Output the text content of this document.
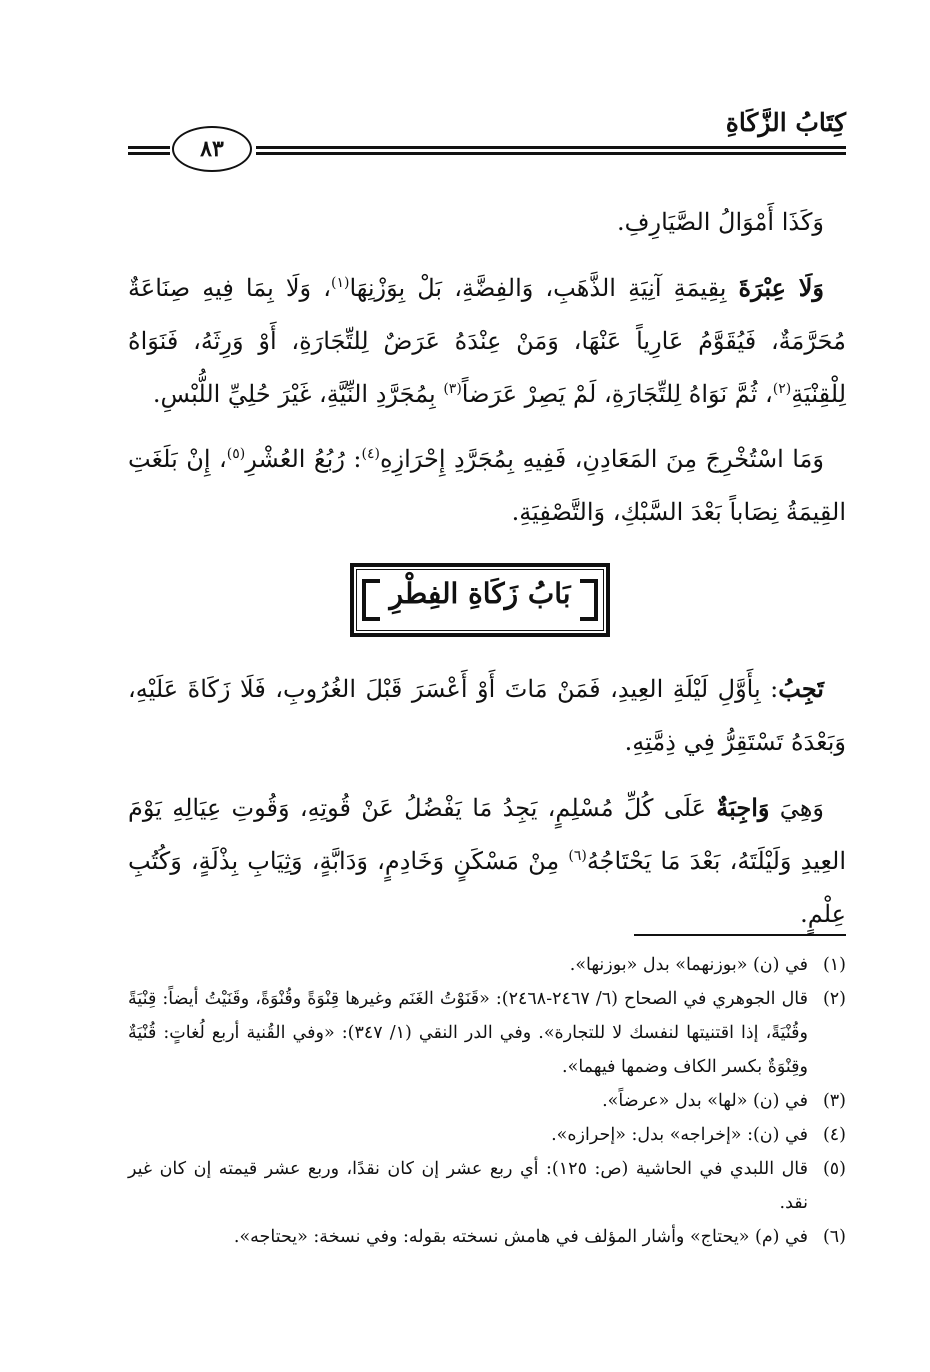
كِتَابُ الزَّكَاةِ
٨٣

وَكَذَا أَمْوَالُ الصَّيَارِفِ.

وَلَا عِبْرَةَ بِقِيمَةِ آنِيَةِ الذَّهَبِ، وَالفِضَّةِ، بَلْ بِوَزْنِهَا$^{(١)}$، وَلَا بِمَا فِيهِ صِنَاعَةٌ مُحَرَّمَةٌ، فَيُقَوَّمُ عَارِياً عَنْهَا، وَمَنْ عِنْدَهُ عَرَضٌ لِلتِّجَارَةِ، أَوْ وَرِثَهُ، فَنَوَاهُ لِلْقِنْيَةِ$^{(٢)}$، ثُمَّ نَوَاهُ لِلتِّجَارَةِ، لَمْ يَصِرْ عَرَضاً$^{(٣)}$ بِمُجَرَّدِ النِّيَّةِ، غَيْرَ حُلِيِّ اللُّبْسِ.

وَمَا اسْتُخْرِجَ مِنَ المَعَادِنِ، فَفِيهِ بِمُجَرَّدِ إِحْرَازِهِ$^{(٤)}$: رُبُعُ العُشْرِ$^{(٥)}$، إِنْ بَلَغَتِ القِيمَةُ نِصَاباً بَعْدَ السَّبْكِ، وَالتَّصْفِيَةِ.

بَابُ زَكَاةِ الفِطْرِ

تَجِبُ: بِأَوَّلِ لَيْلَةِ العِيدِ، فَمَنْ مَاتَ أَوْ أَعْسَرَ قَبْلَ الغُرُوبِ، فَلَا زَكَاةَ عَلَيْهِ، وَبَعْدَهُ تَسْتَقِرُّ فِي ذِمَّتِهِ.

وَهِيَ وَاجِبَةٌ عَلَى كُلِّ مُسْلِمٍ، يَجِدُ مَا يَفْضُلُ عَنْ قُوتِهِ، وَقُوتِ عِيَالِهِ يَوْمَ العِيدِ وَلَيْلَتَهُ، بَعْدَ مَا يَحْتَاجُهُ$^{(٦)}$ مِنْ مَسْكَنٍ وَخَادِمٍ، وَدَابَّةٍ، وَثِيَابِ بِذْلَةٍ، وَكُتُبِ عِلْمٍ.

(١)
في (ن) «بوزنهما» بدل «بوزنها».
(٢)
قال الجوهري في الصحاح (٦/ ٢٤٦٧-٢٤٦٨): «قَنَوْتُ الغَنَم وغيرها قِنْوَةً وقُنْوَةً، وقَنَيْتُ أيضاً: قِنْيَةً وقُنْيَةً، إذا اقتنيتها لنفسك لا للتجارة». وفي الدر النقي (١/ ٣٤٧): «وفي القُنية أربع لُغاتٍ: قُنْيَةٌ وقِنْوَةٌ بكسر الكاف وضمها فيهما».
(٣)
في (ن) «لها» بدل «عرضاً».
(٤)
في (ن): «إخراجه» بدل: «إحرازه».
(٥)
قال اللبدي في الحاشية (ص: ١٢٥): أي ربع عشر إن كان نقدًا، وربع عشر قيمته إن كان غير نقد.
(٦)
في (م) «يحتاج» وأشار المؤلف في هامش نسخته بقوله: وفي نسخة: «يحتاجه».
